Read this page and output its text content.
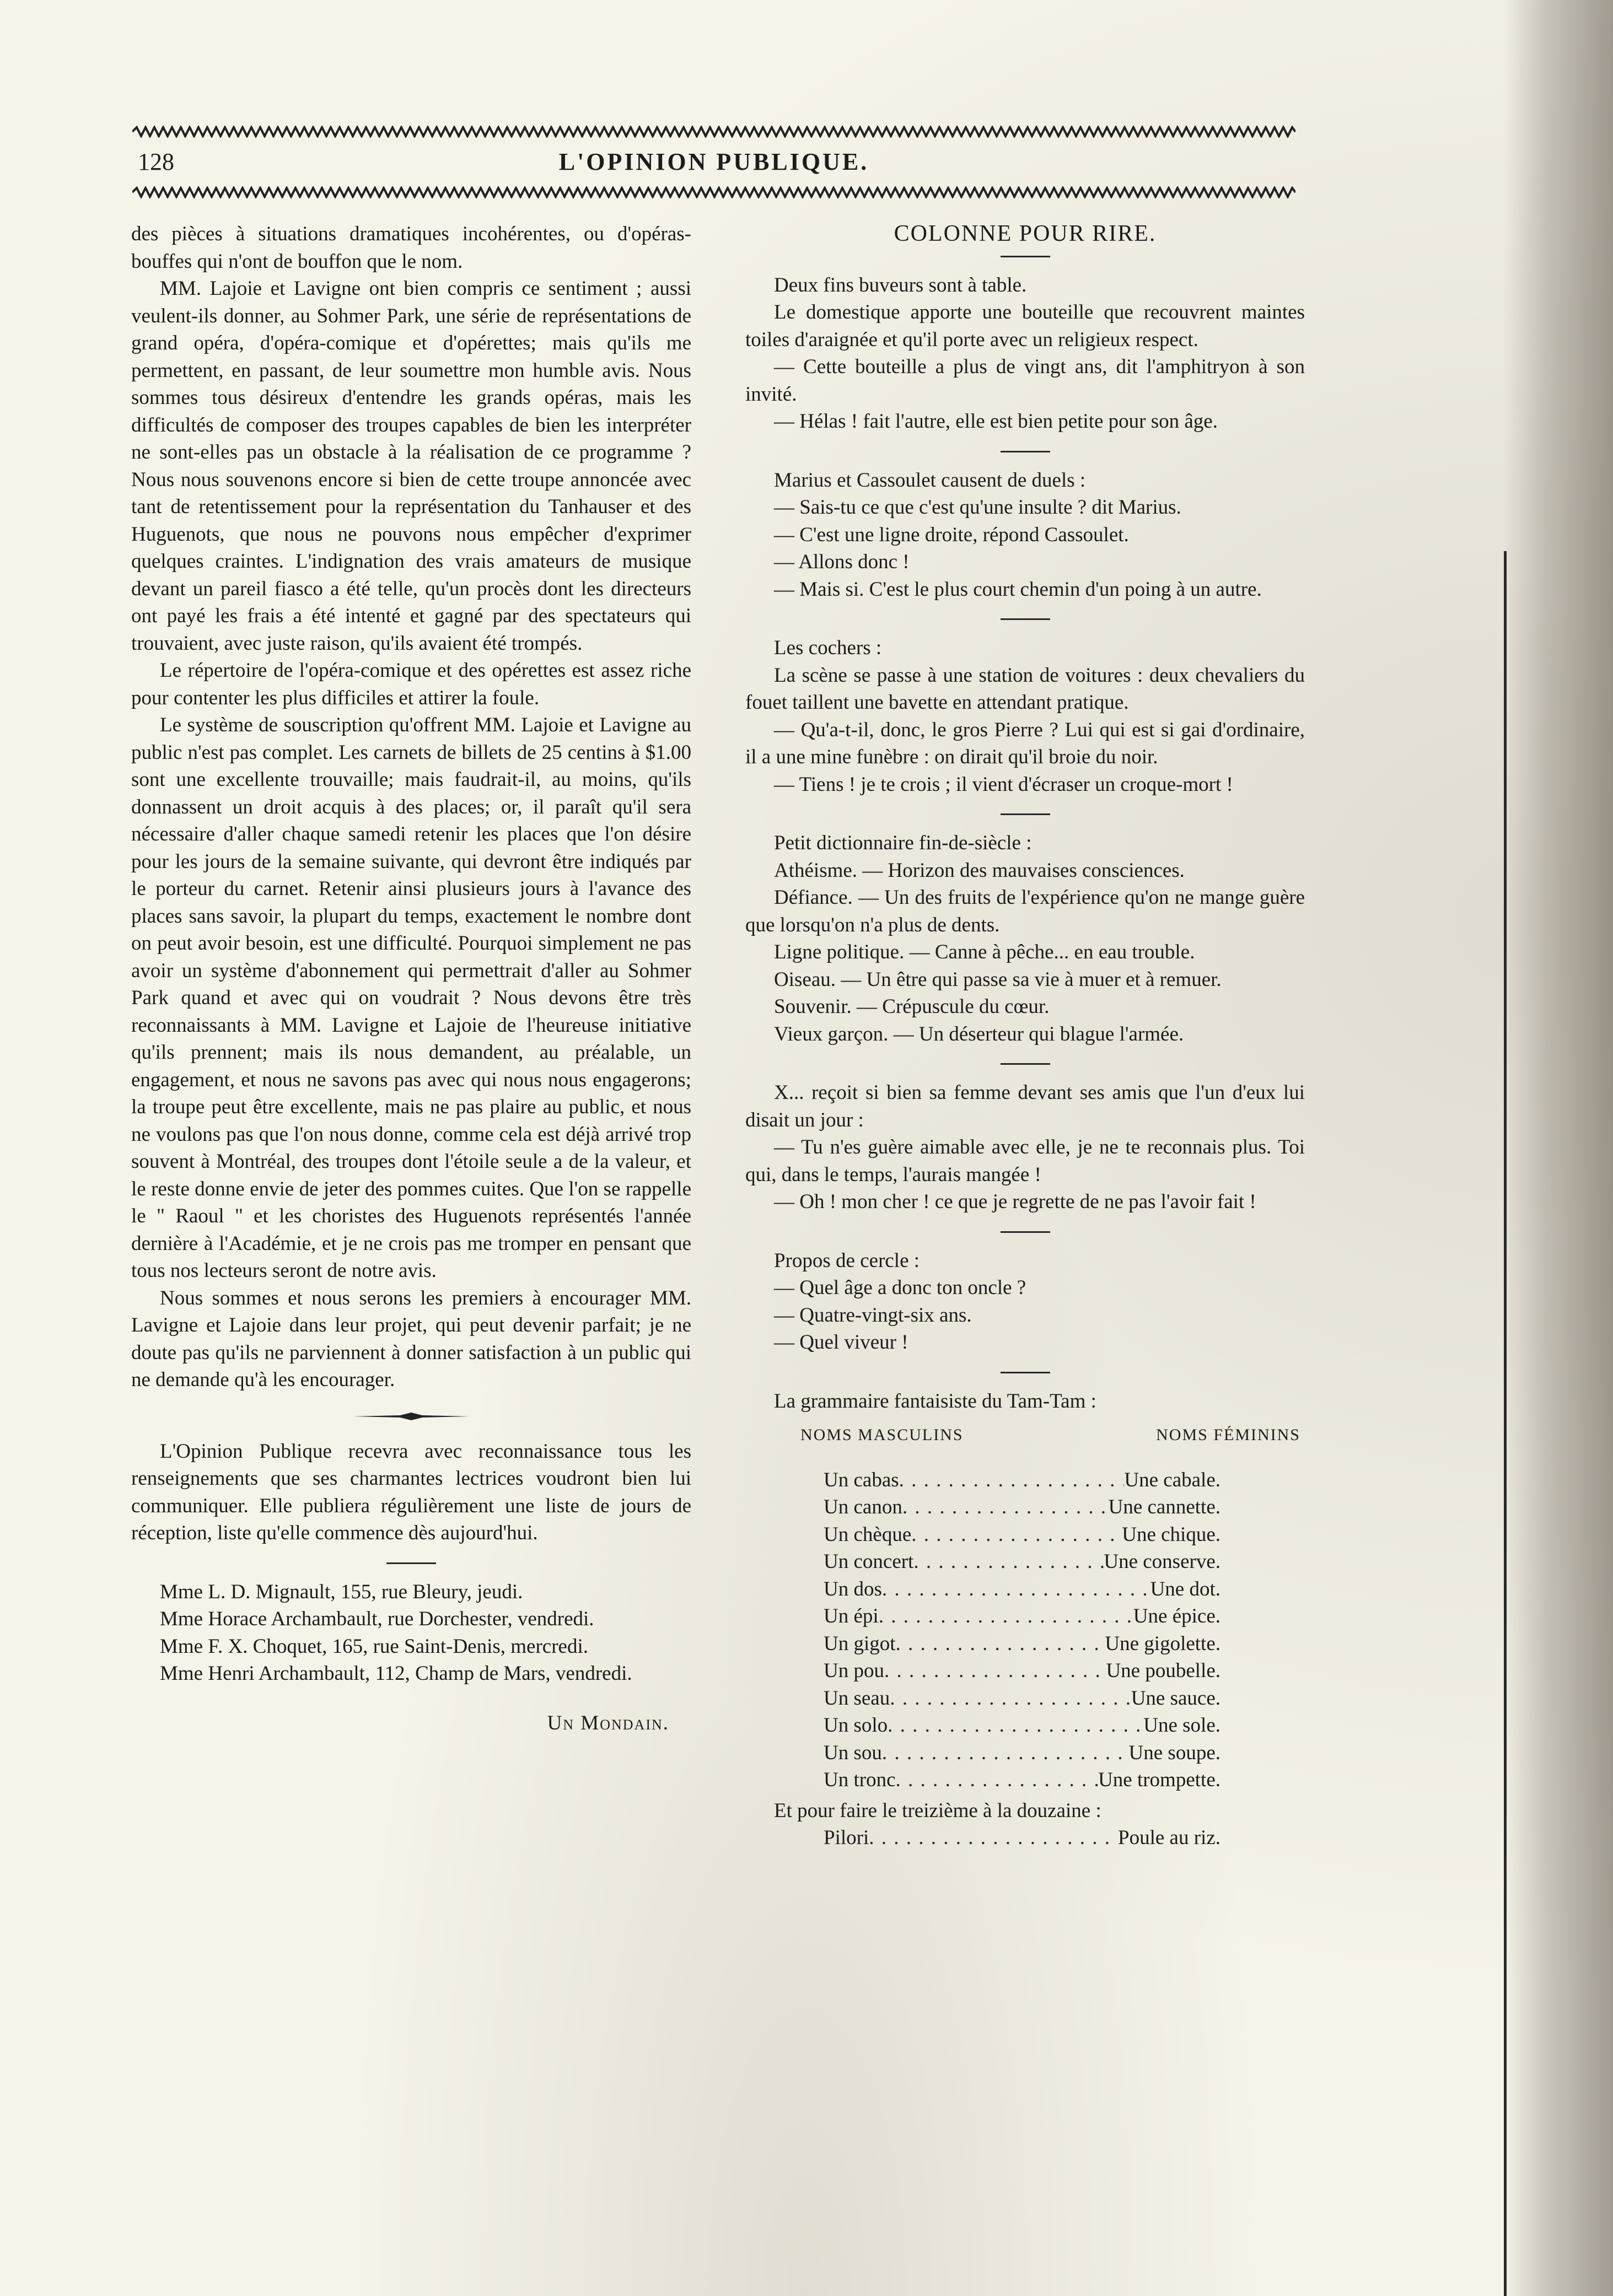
128	L'OPINION PUBLIQUE.

des pièces à situations dramatiques incohérentes, ou d'opéras-bouffes qui n'ont de bouffon que le nom.

MM. Lajoie et Lavigne ont bien compris ce sentiment ; aussi veulent-ils donner, au Sohmer Park, une série de représentations de grand opéra, d'opéra-comique et d'opérettes; mais qu'ils me permettent, en passant, de leur soumettre mon humble avis. Nous sommes tous désireux d'entendre les grands opéras, mais les difficultés de composer des troupes capables de bien les interpréter ne sont-elles pas un obstacle à la réalisation de ce programme ? Nous nous souvenons encore si bien de cette troupe annoncée avec tant de retentissement pour la représentation du Tanhauser et des Huguenots, que nous ne pouvons nous empêcher d'exprimer quelques craintes. L'indignation des vrais amateurs de musique devant un pareil fiasco a été telle, qu'un procès dont les directeurs ont payé les frais a été intenté et gagné par des spectateurs qui trouvaient, avec juste raison, qu'ils avaient été trompés.

Le répertoire de l'opéra-comique et des opérettes est assez riche pour contenter les plus difficiles et attirer la foule.

Le système de souscription qu'offrent MM. Lajoie et Lavigne au public n'est pas complet. Les carnets de billets de 25 centins à $1.00 sont une excellente trouvaille; mais faudrait-il, au moins, qu'ils donnassent un droit acquis à des places; or, il paraît qu'il sera nécessaire d'aller chaque samedi retenir les places que l'on désire pour les jours de la semaine suivante, qui devront être indiqués par le porteur du carnet. Retenir ainsi plusieurs jours à l'avance des places sans savoir, la plupart du temps, exactement le nombre dont on peut avoir besoin, est une difficulté. Pourquoi simplement ne pas avoir un système d'abonnement qui permettrait d'aller au Sohmer Park quand et avec qui on voudrait ? Nous devons être très reconnaissants à MM. Lavigne et Lajoie de l'heureuse initiative qu'ils prennent; mais ils nous demandent, au préalable, un engagement, et nous ne savons pas avec qui nous nous engagerons; la troupe peut être excellente, mais ne pas plaire au public, et nous ne voulons pas que l'on nous donne, comme cela est déjà arrivé trop souvent à Montréal, des troupes dont l'étoile seule a de la valeur, et le reste donne envie de jeter des pommes cuites. Que l'on se rappelle le " Raoul " et les choristes des Huguenots représentés l'année dernière à l'Académie, et je ne crois pas me tromper en pensant que tous nos lecteurs seront de notre avis.

Nous sommes et nous serons les premiers à encourager MM. Lavigne et Lajoie dans leur projet, qui peut devenir parfait; je ne doute pas qu'ils ne parviennent à donner satisfaction à un public qui ne demande qu'à les encourager.

L'Opinion Publique recevra avec reconnaissance tous les renseignements que ses charmantes lectrices voudront bien lui communiquer. Elle publiera régulièrement une liste de jours de réception, liste qu'elle commence dès aujourd'hui.

Mme L. D. Mignault, 155, rue Bleury, jeudi.

Mme Horace Archambault, rue Dorchester, vendredi.

Mme F. X. Choquet, 165, rue Saint-Denis, mercredi.

Mme Henri Archambault, 112, Champ de Mars, vendredi.

Un Mondain.

COLONNE POUR RIRE.

Deux fins buveurs sont à table.

Le domestique apporte une bouteille que recouvrent maintes toiles d'araignée et qu'il porte avec un religieux respect.

— Cette bouteille a plus de vingt ans, dit l'amphitryon à son invité.

— Hélas ! fait l'autre, elle est bien petite pour son âge.

Marius et Cassoulet causent de duels :

— Sais-tu ce que c'est qu'une insulte ? dit Marius.

— C'est une ligne droite, répond Cassoulet.

— Allons donc !

— Mais si. C'est le plus court chemin d'un poing à un autre.

Les cochers :

La scène se passe à une station de voitures : deux chevaliers du fouet taillent une bavette en attendant pratique.

— Qu'a-t-il, donc, le gros Pierre ? Lui qui est si gai d'ordinaire, il a une mine funèbre : on dirait qu'il broie du noir.

— Tiens ! je te crois ; il vient d'écraser un croque-mort !

Petit dictionnaire fin-de-siècle :

Athéisme. — Horizon des mauvaises consciences.

Défiance. — Un des fruits de l'expérience qu'on ne mange guère que lorsqu'on n'a plus de dents.

Ligne politique. — Canne à pêche... en eau trouble.

Oiseau. — Un être qui passe sa vie à muer et à remuer.

Souvenir. — Crépuscule du cœur.

Vieux garçon. — Un déserteur qui blague l'armée.

X... reçoit si bien sa femme devant ses amis que l'un d'eux lui disait un jour :

— Tu n'es guère aimable avec elle, je ne te reconnais plus. Toi qui, dans le temps, l'aurais mangée !

— Oh ! mon cher ! ce que je regrette de ne pas l'avoir fait !

Propos de cercle :

— Quel âge a donc ton oncle ?

— Quatre-vingt-six ans.

— Quel viveur !

La grammaire fantaisiste du Tam-Tam :

NOMS MASCULINS	NOMS FÉMININS
Un cabas . . .	Une cabale.
Un canon . . .	Une cannette.
Un chèque . . .	Une chique.
Un concert . . .	Une conserve.
Un dos . . .	Une dot.
Un épi . . .	Une épice.
Un gigot . . .	Une gigolette.
Un pou . . .	Une poubelle.
Un seau . . .	Une sauce.
Un solo . . .	Une sole.
Un sou . . .	Une soupe.
Un tronc . . .	Une trompette.

Et pour faire le treizième à la douzaine :

Pilori . . .	Poule au riz.
